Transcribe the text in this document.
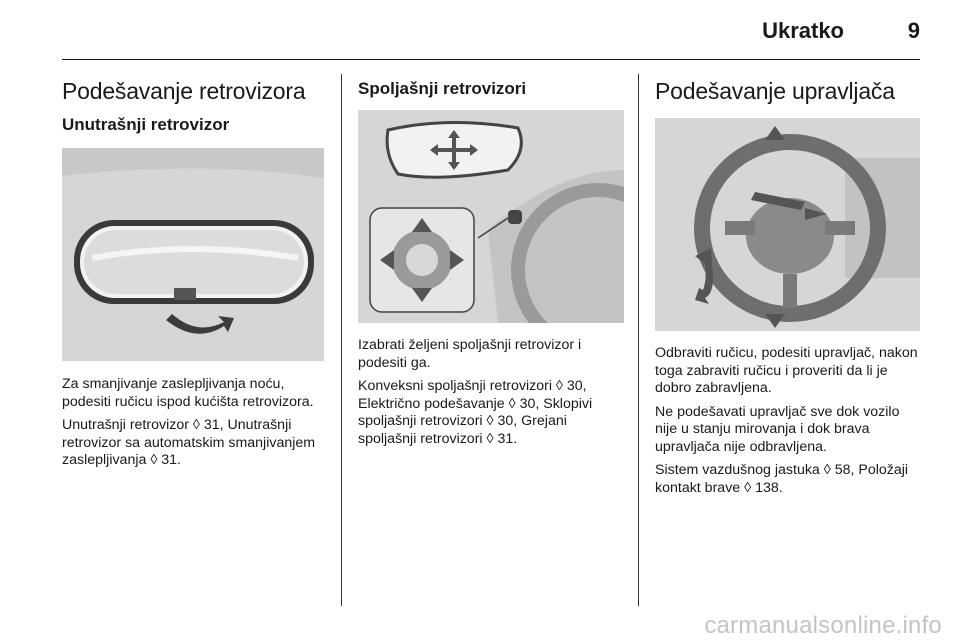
Ukratko	9
Podešavanje retrovizora
Unutrašnji retrovizor

Za smanjivanje zaslepljivanja noću, podesiti ručicu ispod kućišta retrovizora.

Unutrašnji retrovizor ◊ 31, Unutrašnji retrovizor sa automatskim smanjivanjem zaslepljivanja ◊ 31.

Spoljašnji retrovizori

Izabrati željeni spoljašnji retrovizor i podesiti ga.

Konveksni spoljašnji retrovizori ◊ 30, Električno podešavanje ◊ 30, Sklopivi spoljašnji retrovizori ◊ 30, Grejani spoljašnji retrovizori ◊ 31.

Podešavanje upravljača

Odbraviti ručicu, podesiti upravljač, nakon toga zabraviti ručicu i proveriti da li je dobro zabravljena.

Ne podešavati upravljač sve dok vozilo nije u stanju mirovanja i dok brava upravljača nije odbravljena.

Sistem vazdušnog jastuka ◊ 58, Položaji kontakt brave ◊ 138.

carmanualsonline.info
